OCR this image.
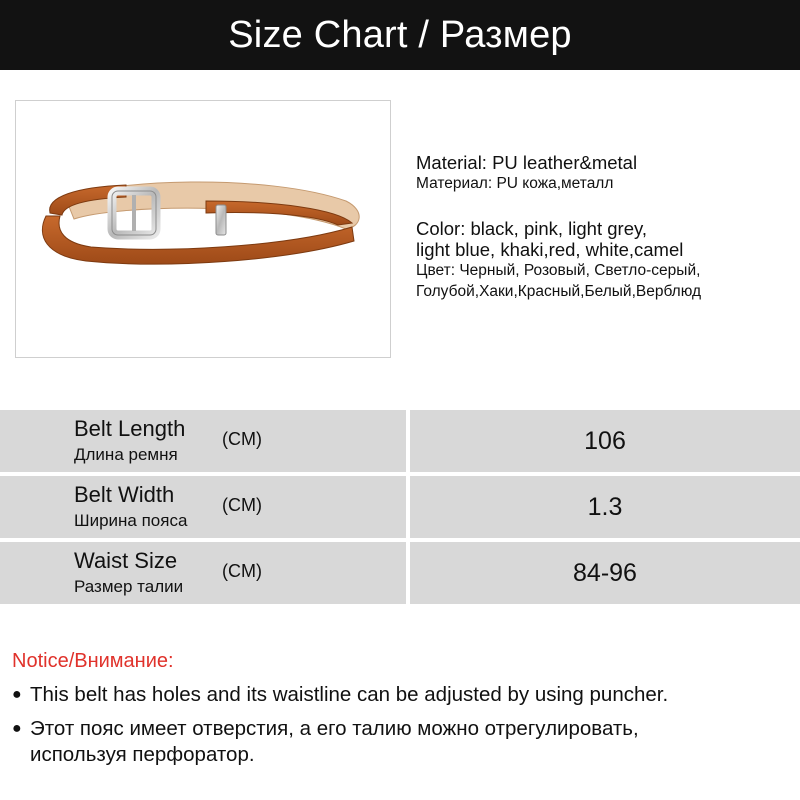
Size Chart / Размер
Material: PU leather&metal
Материал: PU кожа,металл
Color: black, pink, light grey,
light blue, khaki,red, white,camel
Цвет: Черный, Розовый, Светло-серый,
Голубой,Хаки,Красный,Белый,Верблюд
Belt Length
Длина ремня
(CM)	106
Belt Width
Ширина пояса
(CM)	1.3
Waist Size
Размер талии
(CM)	84-96
Notice/Внимание:
● This belt has holes and its waistline can be adjusted by using puncher.
● Этот пояс имеет отверстия, а его талию можно отрегулировать,
используя перфоратор.
